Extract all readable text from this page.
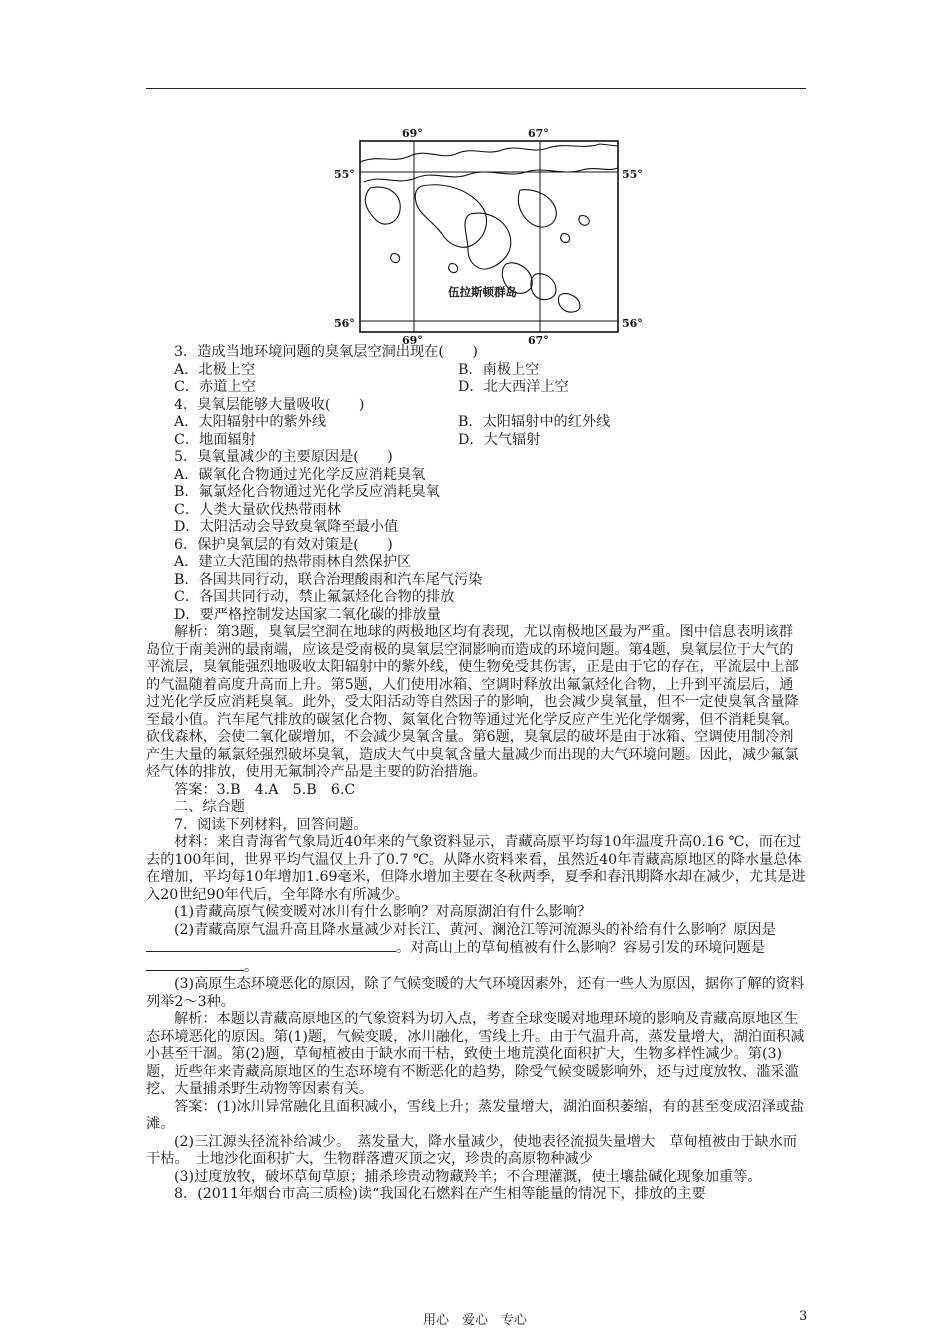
69°	67°
55°	55°
56°	56°
69°	67°
伍拉斯顿群岛

3．造成当地环境问题的臭氧层空洞出现在(　　)

A．北极上空	B．南极上空
C．赤道上空	D．北大西洋上空

4．臭氧层能够大量吸收(　　)

A．太阳辐射中的紫外线	B．太阳辐射中的红外线
C．地面辐射	D．大气辐射

5．臭氧量减少的主要原因是(　　)

A．碳氧化合物通过光化学反应消耗臭氧

B．氟氯烃化合物通过光化学反应消耗臭氧

C．人类大量砍伐热带雨林

D．太阳活动会导致臭氧降至最小值

6．保护臭氧层的有效对策是(　　)

A．建立大范围的热带雨林自然保护区

B．各国共同行动，联合治理酸雨和汽车尾气污染

C．各国共同行动，禁止氟氯烃化合物的排放

D．要严格控制发达国家二氧化碳的排放量

解析：第3题，臭氧层空洞在地球的两极地区均有表现，尤以南极地区最为严重。图中信息表明该群岛位于南美洲的最南端，应该是受南极的臭氧层空洞影响而造成的环境问题。第4题，臭氧层位于大气的平流层，臭氧能强烈地吸收太阳辐射中的紫外线，使生物免受其伤害，正是由于它的存在，平流层中上部的气温随着高度升高而上升。第5题，人们使用冰箱、空调时释放出氟氯烃化合物，上升到平流层后，通过光化学反应消耗臭氧。此外，受太阳活动等自然因子的影响，也会减少臭氧量，但不一定使臭氧含量降至最小值。汽车尾气排放的碳氢化合物、氮氧化合物等通过光化学反应产生光化学烟雾，但不消耗臭氧。砍伐森林，会使二氧化碳增加，不会减少臭氧含量。第6题，臭氧层的破坏是由于冰箱、空调使用制冷剂产生大量的氟氯烃强烈破坏臭氧，造成大气中臭氧含量大量减少而出现的大气环境问题。因此，减少氟氯烃气体的排放，使用无氟制冷产品是主要的防治措施。

答案：3.B　4.A　5.B　6.C

二、综合题

7．阅读下列材料，回答问题。

材料：来自青海省气象局近40年来的气象资料显示，青藏高原平均每10年温度升高0.16 ℃，而在过去的100年间，世界平均气温仅上升了0.7 ℃。从降水资料来看，虽然近40年青藏高原地区的降水量总体在增加，平均每10年增加1.69毫米，但降水增加主要在冬秋两季，夏季和春汛期降水却在减少，尤其是进入20世纪90年代后，全年降水有所减少。

(1)青藏高原气候变暖对冰川有什么影响？对高原湖泊有什么影响？

(2)青藏高原气温升高且降水量减少对长江、黄河、澜沧江等河流源头的补给有什么影响？原因是。对高山上的草甸植被有什么影响？容易引发的环境问题是。

(3)高原生态环境恶化的原因，除了气候变暖的大气环境因素外，还有一些人为原因，据你了解的资料列举2～3种。

解析：本题以青藏高原地区的气象资料为切入点，考查全球变暖对地理环境的影响及青藏高原地区生态环境恶化的原因。第(1)题，气候变暖，冰川融化，雪线上升。由于气温升高，蒸发量增大，湖泊面积减小甚至干涸。第(2)题，草甸植被由于缺水而干枯，致使土地荒漠化面积扩大，生物多样性减少。第(3)题，近些年来青藏高原地区的生态环境有不断恶化的趋势，除受气候变暖影响外，还与过度放牧、滥采滥挖、大量捕杀野生动物等因素有关。

答案：(1)冰川异常融化且面积减小，雪线上升；蒸发量增大，湖泊面积萎缩，有的甚至变成沼泽或盐滩。

(2)三江源头径流补给减少。　蒸发量大，降水量减少，使地表径流损失量增大　草甸植被由于缺水而干枯。　土地沙化面积扩大，生物群落遭灭顶之灾，珍贵的高原物种减少

(3)过度放牧，破坏草甸草原；捕杀珍贵动物藏羚羊；不合理灌溉，使土壤盐碱化现象加重等。

8．(2011年烟台市高三质检)读“我国化石燃料在产生相等能量的情况下，排放的主要

用心　爱心　专心	3
